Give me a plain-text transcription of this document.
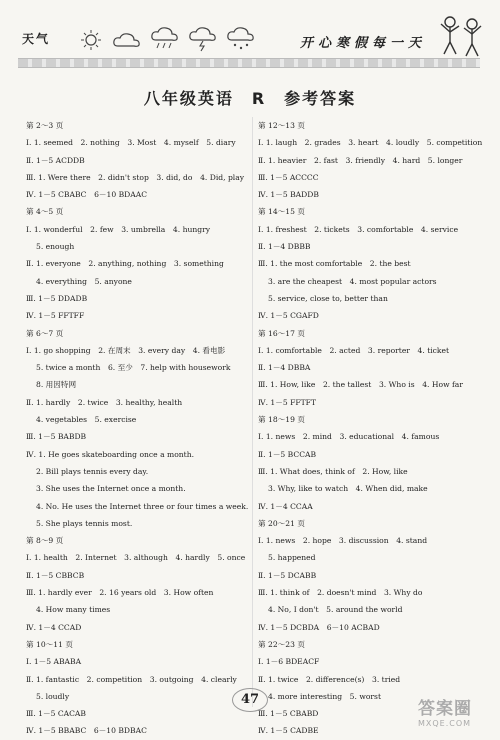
天气	开心寒假每一天
八年级英语　R　参考答案
第 2～3 页
Ⅰ. 1. seemed　2. nothing　3. Most　4. myself　5. diary
Ⅱ. 1－5 ACDDB
Ⅲ. 1. Were there　2. didn't stop　3. did, do　4. Did, play
Ⅳ. 1－5 CBABC　6－10 BDAAC
第 4～5 页
Ⅰ. 1. wonderful　2. few　3. umbrella　4. hungry
5. enough
Ⅱ. 1. everyone　2. anything, nothing　3. something
4. everything　5. anyone
Ⅲ. 1－5 DDADB
Ⅳ. 1－5 FFTFF
第 6～7 页
Ⅰ. 1. go shopping　2. 在周末　3. every day　4. 看电影
5. twice a month　6. 至少　7. help with housework
8. 用因特网
Ⅱ. 1. hardly　2. twice　3. healthy, health
4. vegetables　5. exercise
Ⅲ. 1－5 BABDB
Ⅳ. 1. He goes skateboarding once a month.
2. Bill plays tennis every day.
3. She uses the Internet once a month.
4. No. He uses the Internet three or four times a week.
5. She plays tennis most.
第 8～9 页
Ⅰ. 1. health　2. Internet　3. although　4. hardly　5. once
Ⅱ. 1－5 CBBCB
Ⅲ. 1. hardly ever　2. 16 years old　3. How often
4. How many times
Ⅳ. 1－4 CCAD
第 10～11 页
Ⅰ. 1－5 ABABA
Ⅱ. 1. fantastic　2. competition　3. outgoing　4. clearly
5. loudly
Ⅲ. 1－5 CACAB
Ⅳ. 1－5 BBABC　6－10 BDBAC
第 12～13 页
Ⅰ. 1. laugh　2. grades　3. heart　4. loudly　5. competition
Ⅱ. 1. heavier　2. fast　3. friendly　4. hard　5. longer
Ⅲ. 1－5 ACCCC
Ⅳ. 1－5 BADDB
第 14～15 页
Ⅰ. 1. freshest　2. tickets　3. comfortable　4. service
Ⅱ. 1－4 DBBB
Ⅲ. 1. the most comfortable　2. the best
3. are the cheapest　4. most popular actors
5. service, close to, better than
Ⅳ. 1－5 CGAFD
第 16～17 页
Ⅰ. 1. comfortable　2. acted　3. reporter　4. ticket
Ⅱ. 1－4 DBBA
Ⅲ. 1. How, like　2. the tallest　3. Who is　4. How far
Ⅳ. 1－5 FFTFT
第 18～19 页
Ⅰ. 1. news　2. mind　3. educational　4. famous
Ⅱ. 1－5 BCCAB
Ⅲ. 1. What does, think of　2. How, like
3. Why, like to watch　4. When did, make
Ⅳ. 1－4 CCAA
第 20～21 页
Ⅰ. 1. news　2. hope　3. discussion　4. stand
5. happened
Ⅱ. 1－5 DCABB
Ⅲ. 1. think of　2. doesn't mind　3. Why do
4. No, I don't　5. around the world
Ⅳ. 1－5 DCBDA　6－10 ACBAD
第 22～23 页
Ⅰ. 1－6 BDEACF
Ⅱ. 1. twice　2. difference(s)　3. tried
4. more interesting　5. worst
Ⅲ. 1－5 CBABD
Ⅳ. 1－5 CADBE
47	答案圈
MXQE.COM
